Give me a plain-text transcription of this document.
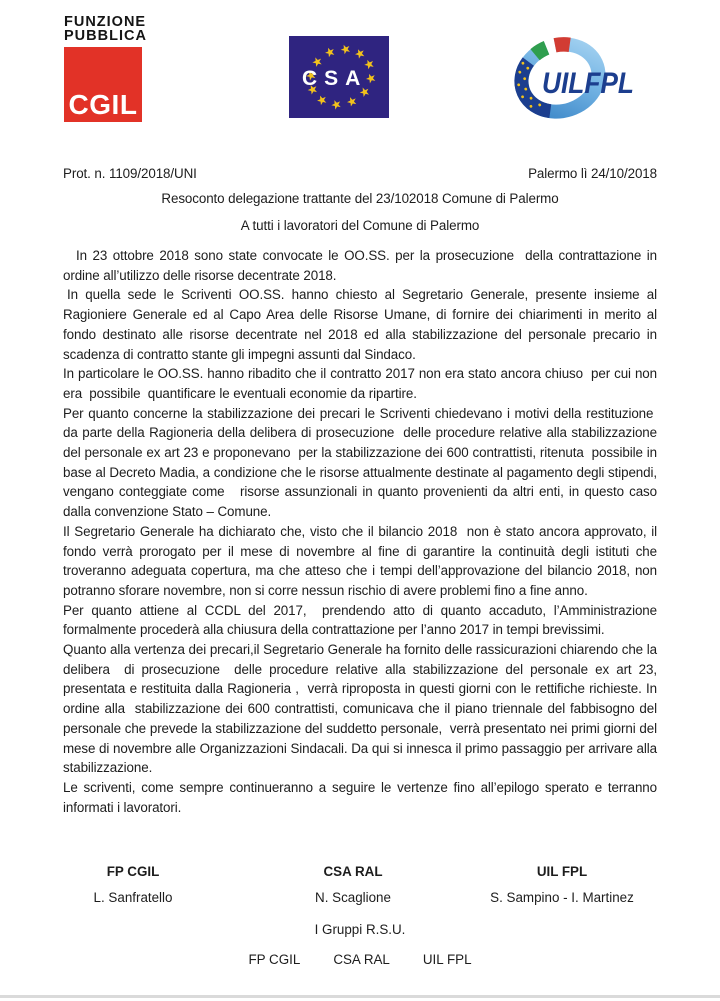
FUNZIONE
PUBBLICA
CGIL
CSA	UILFPL
Prot. n. 1109/2018/UNI	Palermo lì 24/10/2018
Resoconto delegazione trattante del 23/102018 Comune di Palermo
A tutti i lavoratori del Comune di Palermo

In 23 ottobre 2018 sono state convocate le OO.SS. per la prosecuzione  della contrattazione in ordine all’utilizzo delle risorse decentrate 2018.

In quella sede le Scriventi OO.SS. hanno chiesto al Segretario Generale, presente insieme al Ragioniere Generale ed al Capo Area delle Risorse Umane, di fornire dei chiarimenti in merito al fondo destinato alle risorse decentrate nel 2018 ed alla stabilizzazione del personale precario in scadenza di contratto stante gli impegni assunti dal Sindaco.

In particolare le OO.SS. hanno ribadito che il contratto 2017 non era stato ancora chiuso  per cui non era  possibile  quantificare le eventuali economie da ripartire.

Per quanto concerne la stabilizzazione dei precari le Scriventi chiedevano i motivi della restituzione  da parte della Ragioneria della delibera di prosecuzione  delle procedure relative alla stabilizzazione del personale ex art 23 e proponevano  per la stabilizzazione dei 600 contrattisti, ritenuta  possibile in base al Decreto Madia, a condizione che le risorse attualmente destinate al pagamento degli stipendi, vengano conteggiate come   risorse assunzionali in quanto provenienti da altri enti, in questo caso dalla convenzione Stato – Comune.

Il Segretario Generale ha dichiarato che, visto che il bilancio 2018  non è stato ancora approvato, il fondo verrà prorogato per il mese di novembre al fine di garantire la continuità degli istituti che troveranno adeguata copertura, ma che atteso che i tempi dell’approvazione del bilancio 2018, non potranno sforare novembre, non si corre nessun rischio di avere problemi fino a fine anno.

Per quanto attiene al CCDL del 2017,  prendendo atto di quanto accaduto, l’Amministrazione formalmente procederà alla chiusura della contrattazione per l’anno 2017 in tempi brevissimi.

Quanto alla vertenza dei precari,il Segretario Generale ha fornito delle rassicurazioni chiarendo che la delibera  di prosecuzione  delle procedure relative alla stabilizzazione del personale ex art 23, presentata e restituita dalla Ragioneria ,  verrà riproposta in questi giorni con le rettifiche richieste. In ordine alla  stabilizzazione dei 600 contrattisti, comunicava che il piano triennale del fabbisogno del personale che prevede la stabilizzazione del suddetto personale,  verrà presentato nei primi giorni del mese di novembre alle Organizzazioni Sindacali. Da qui si innesca il primo passaggio per arrivare alla stabilizzazione.

Le scriventi, come sempre continueranno a seguire le vertenze fino all’epilogo sperato e terranno informati i lavoratori.

FP CGIL
L. Sanfratello
CSA RAL
N. Scaglione
UIL FPL
S. Sampino - I. Martinez
I Gruppi R.S.U.
FP CGIL CSA RAL UIL FPL
